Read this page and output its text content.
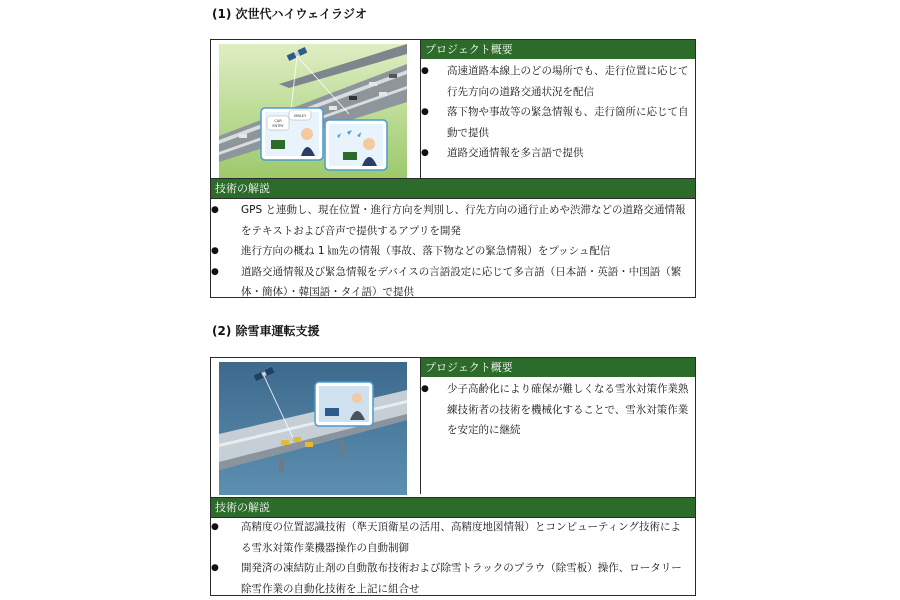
(1) 次世代ハイウェイラジオ
CAR
ENTRY
SMILEY
プロジェクト概要
● 高速道路本線上のどの場所でも、走行位置に応じて行先方向の道路交通状況を配信
● 落下物や事故等の緊急情報も、走行箇所に応じて自動で提供
● 道路交通情報を多言語で提供
技術の解説
● GPS と連動し、現在位置・進行方向を判別し、行先方向の通行止めや渋滞などの道路交通情報をテキストおよび音声で提供するアプリを開発
● 進行方向の概ね 1 ㎞先の情報（事故、落下物などの緊急情報）をプッシュ配信
● 道路交通情報及び緊急情報をデバイスの言語設定に応じて多言語（日本語・英語・中国語（繁体・簡体）・韓国語・タイ語）で提供
(2) 除雪車運転支援
プロジェクト概要
● 少子高齢化により確保が難しくなる雪氷対策作業熟練技術者の技術を機械化することで、雪氷対策作業を安定的に継続
技術の解説
● 高精度の位置認識技術（準天頂衛星の活用、高精度地図情報）とコンピューティング技術による雪氷対策作業機器操作の自動制御
● 開発済の凍結防止剤の自動散布技術および除雪トラックのプラウ（除雪板）操作、ロータリー除雪作業の自動化技術を上記に組合せ
